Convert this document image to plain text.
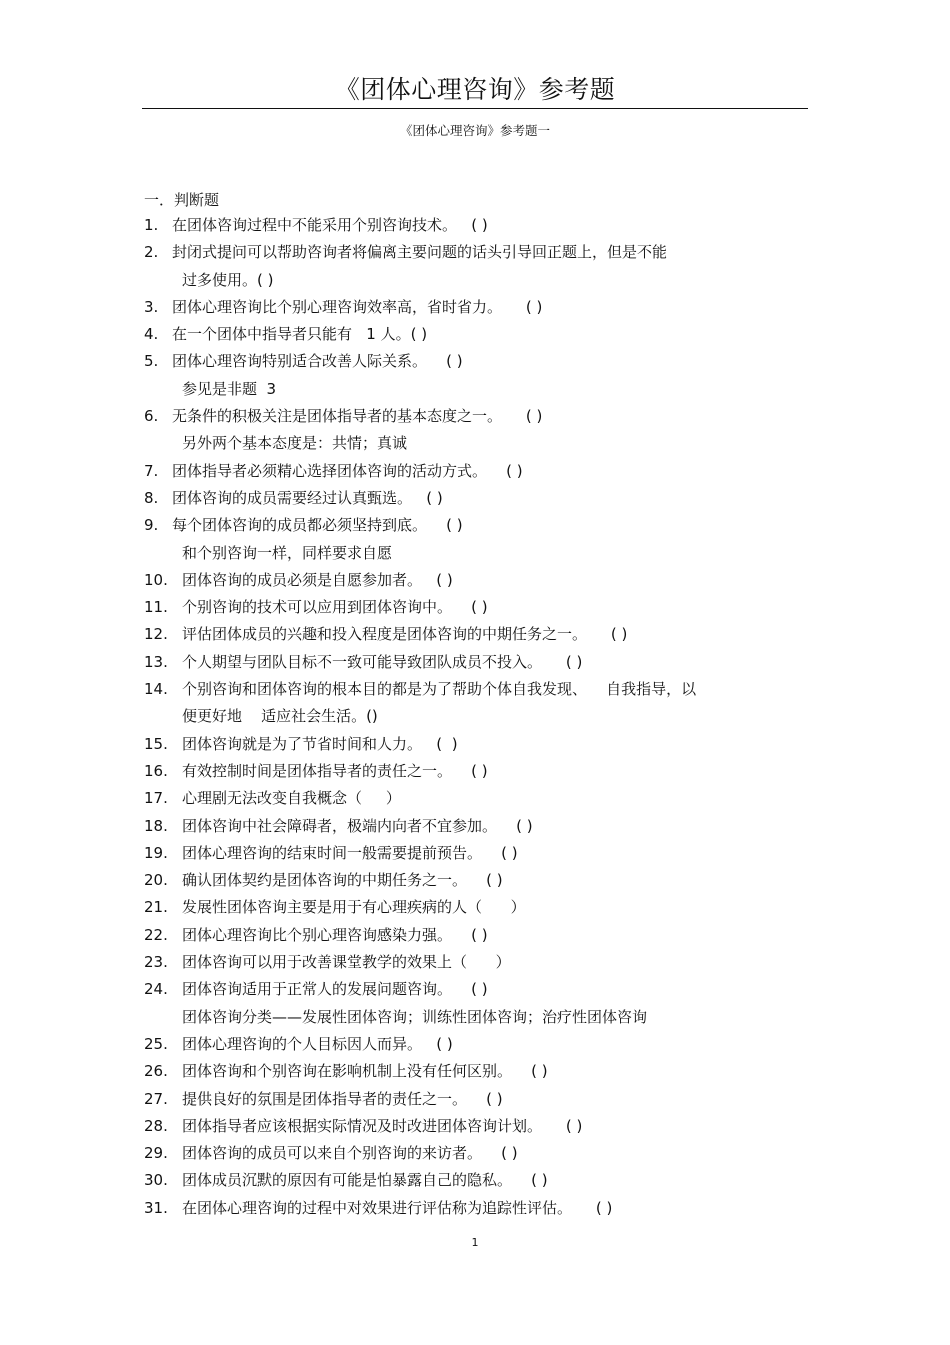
《团体心理咨询》参考题
《团体心理咨询》参考题一
一．判断题
1. 在团体咨询过程中不能采用个别咨询技术。   ( )
2. 封闭式提问可以帮助咨询者将偏离主要问题的话头引导回正题上，但是不能
过多使用。( )
3. 团体心理咨询比个别心理咨询效率高，省时省力。     ( )
4. 在一个团体中指导者只能有   1 人。( )
5. 团体心理咨询特别适合改善人际关系。    ( )
参见是非题  3
6. 无条件的积极关注是团体指导者的基本态度之一。     ( )
另外两个基本态度是：共情；真诚
7. 团体指导者必须精心选择团体咨询的活动方式。    ( )
8. 团体咨询的成员需要经过认真甄选。   ( )
9. 每个团体咨询的成员都必须坚持到底。    ( )
和个别咨询一样，同样要求自愿
10. 团体咨询的成员必须是自愿参加者。   ( )
11. 个别咨询的技术可以应用到团体咨询中。    ( )
12. 评估团体成员的兴趣和投入程度是团体咨询的中期任务之一。     ( )
13. 个人期望与团队目标不一致可能导致团队成员不投入。     ( )
14. 个别咨询和团体咨询的根本目的都是为了帮助个体自我发现、    自我指导，以
便更好地    适应社会生活。()
15. 团体咨询就是为了节省时间和人力。   (  )
16. 有效控制时间是团体指导者的责任之一。    ( )
17. 心理剧无法改变自我概念（     ）
18. 团体咨询中社会障碍者，极端内向者不宜参加。    ( )
19. 团体心理咨询的结束时间一般需要提前预告。    ( )
20. 确认团体契约是团体咨询的中期任务之一。    ( )
21. 发展性团体咨询主要是用于有心理疾病的人（      ）
22. 团体心理咨询比个别心理咨询感染力强。    ( )
23. 团体咨询可以用于改善课堂教学的效果上（      ）
24. 团体咨询适用于正常人的发展问题咨询。    ( )
团体咨询分类——发展性团体咨询；训练性团体咨询；治疗性团体咨询
25. 团体心理咨询的个人目标因人而异。   ( )
26. 团体咨询和个别咨询在影响机制上没有任何区别。    ( )
27. 提供良好的氛围是团体指导者的责任之一。    ( )
28. 团体指导者应该根据实际情况及时改进团体咨询计划。     ( )
29. 团体咨询的成员可以来自个别咨询的来访者。    ( )
30. 团体成员沉默的原因有可能是怕暴露自己的隐私。    ( )
31. 在团体心理咨询的过程中对效果进行评估称为追踪性评估。     ( )
1
